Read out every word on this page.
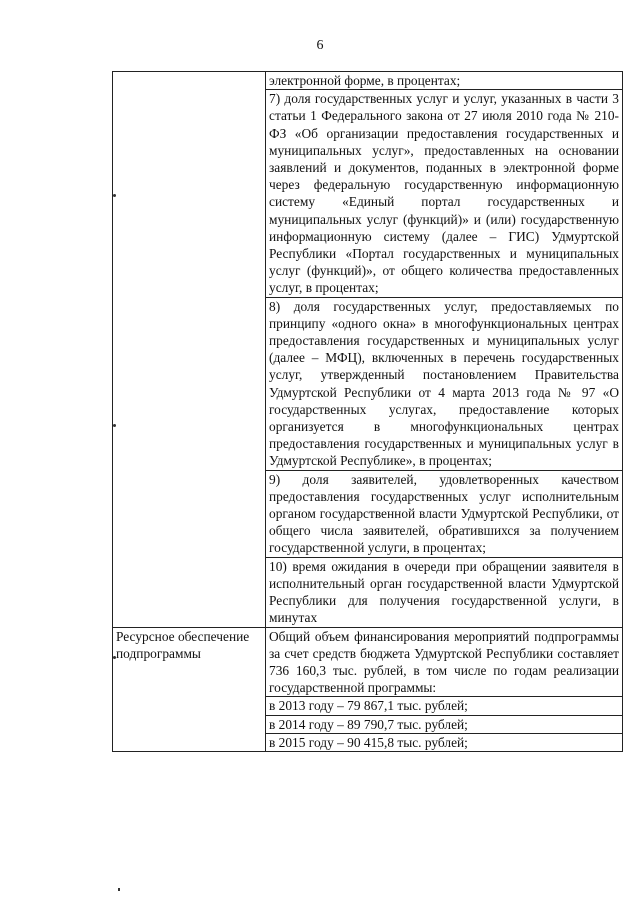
6

	электронной форме, в процентах;

7) доля государственных услуг и услуг, указанных в части 3 статьи 1 Федерального закона от 27 июля 2010 года № 210-ФЗ «Об организации предоставления государственных и муниципальных услуг», предоставленных на основании заявлений и документов, поданных в электронной форме через федеральную государственную информационную систему «Единый портал государственных и муниципальных услуг (функций)» и (или) государственную информационную систему (далее – ГИС) Удмуртской Республики «Портал государственных и муниципальных услуг (функций)», от общего количества предоставленных услуг, в процентах;

8) доля государственных услуг, предоставляемых по принципу «одного окна» в многофункциональных центрах предоставления государственных и муниципальных услуг (далее – МФЦ), включенных в перечень государственных услуг, утвержденный постановлением Правительства Удмуртской Республики от 4 марта 2013 года № 97 «О государственных услугах, предоставление которых организуется в многофункциональных центрах предоставления государственных и муниципальных услуг в Удмуртской Республике», в процентах;

9) доля заявителей, удовлетворенных качеством предоставления государственных услуг исполнительным органом государственной власти Удмуртской Республики, от общего числа заявителей, обратившихся за получением государственной услуги, в процентах;

10) время ожидания в очереди при обращении заявителя в исполнительный орган государственной власти Удмуртской Республики для получения государственной услуги, в минутах

Ресурсное обеспечение подпрограммы	Общий объем финансирования мероприятий подпрограммы за счет средств бюджета Удмуртской Республики составляет 736 160,3 тыс. рублей, в том числе по годам реализации государственной программы:

в 2013 году – 79 867,1 тыс. рублей;

в 2014 году – 89 790,7 тыс. рублей;

в 2015 году – 90 415,8 тыс. рублей;
